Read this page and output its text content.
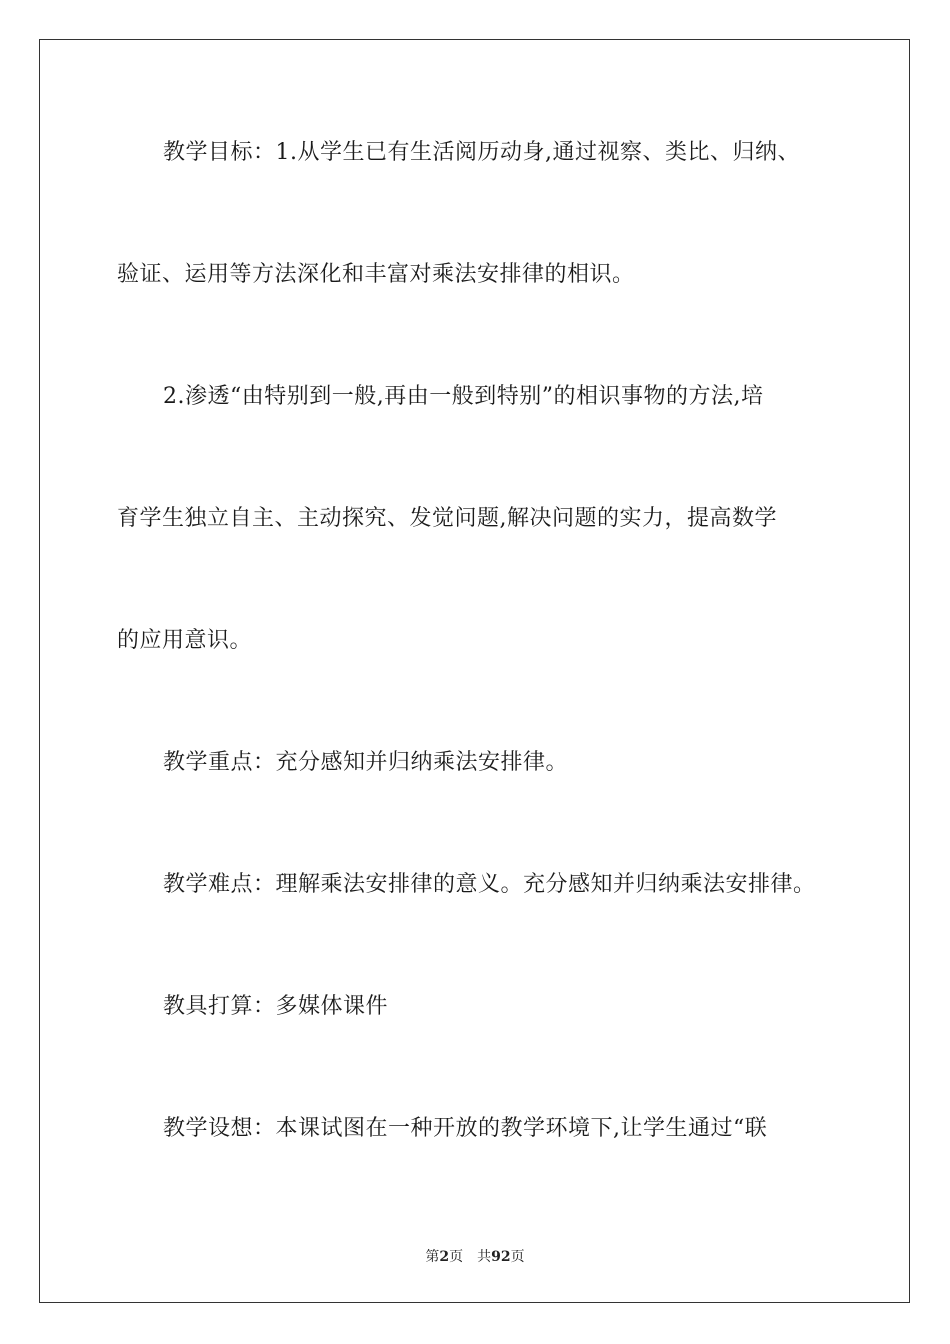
教学目标：1.从学生已有生活阅历动身,通过视察、类比、归纳、
验证、运用等方法深化和丰富对乘法安排律的相识。
2.渗透“由特别到一般,再由一般到特别”的相识事物的方法,培
育学生独立自主、主动探究、发觉问题,解决问题的实力，提高数学
的应用意识。
教学重点：充分感知并归纳乘法安排律。
教学难点：理解乘法安排律的意义。充分感知并归纳乘法安排律。
教具打算：多媒体课件
教学设想：本课试图在一种开放的教学环境下,让学生通过“联
第2页 共92页
